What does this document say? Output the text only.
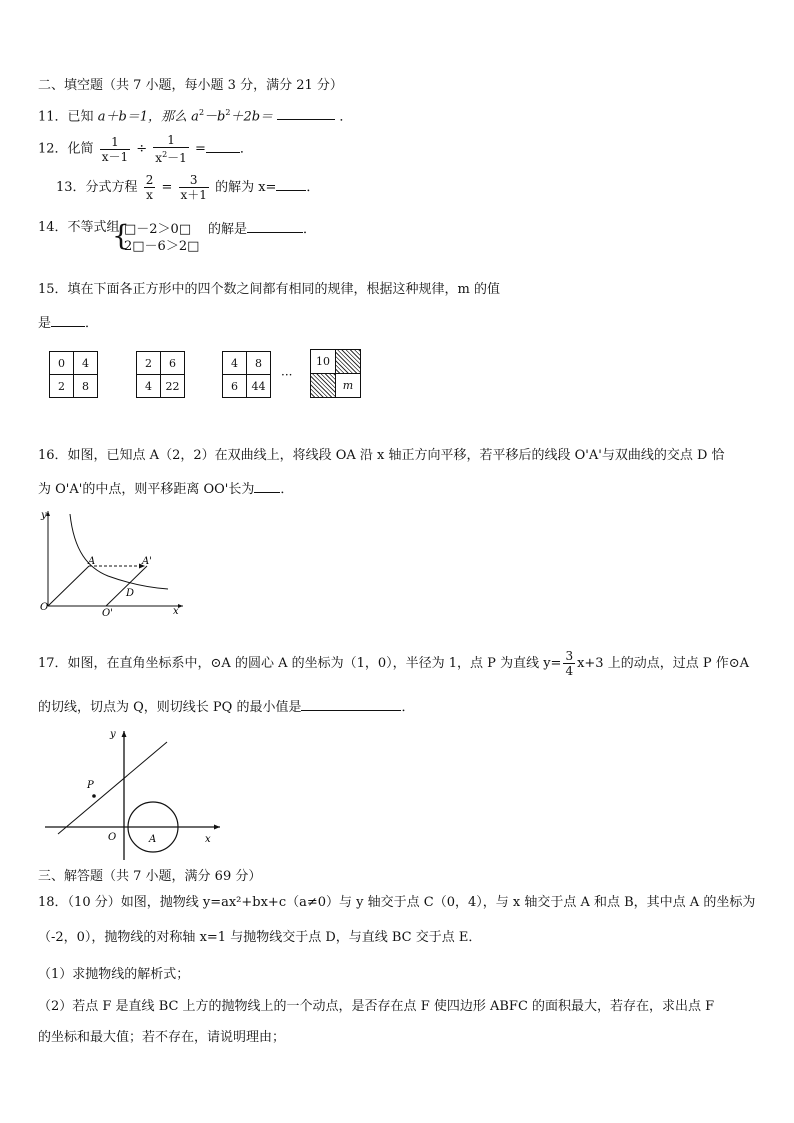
二、填空题（共 7 小题，每小题 3 分，满分 21 分）
11．已知 a＋b＝1，那么 $a^2-b^2+2b=$	．
12．化简 $\frac{1}{x-1} \div \frac{1}{x^2-1}$ =	．
13．分式方程 $\frac{2}{x} = \frac{3}{x+1}$ 的解为 x= ．
14．不等式组
{
□－2＞0□
2□－6＞2□
的解是	．
15．填在下面各正方形中的四个数之间都有相同的规律，根据这种规律，m 的值
是	．
0	4
2	8
2	6
4	22
4	8
6	44
···
10
m
16．如图，已知点 A（2，2）在双曲线上，将线段 OA 沿 x 轴正方向平移，若平移后的线段 O'A'与双曲线的交点 D 恰
为 O'A'的中点，则平移距离 OO'长为 ．
y
x
O
A	A'
D
O'
17．如图，在直角坐标系中，⊙A 的圆心 A 的坐标为（1，0），半径为 1，点 P 为直线 $y= \frac{3}{4} x+3$ 上的动点，过点 P 作⊙A
的切线，切点为 Q，则切线长 PQ 的最小值是	．
y
x
O	A
P
三、解答题（共 7 小题，满分 69 分）
18．（10 分）如图，抛物线 y=ax²+bx+c（a≠0）与 y 轴交于点 C（0，4），与 x 轴交于点 A 和点 B，其中点 A 的坐标为
（-2，0），抛物线的对称轴 x=1 与抛物线交于点 D，与直线 BC 交于点 E．
（1）求抛物线的解析式；
（2）若点 F 是直线 BC 上方的抛物线上的一个动点，是否存在点 F 使四边形 ABFC 的面积最大，若存在，求出点 F
的坐标和最大值；若不存在，请说明理由；
